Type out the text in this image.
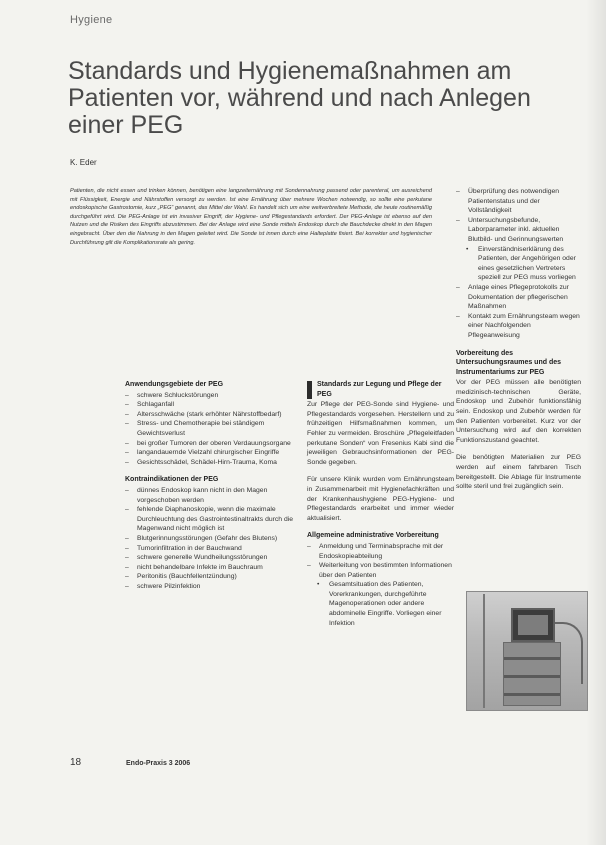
Hygiene
Standards und Hygienemaßnahmen am Patienten vor, während und nach Anlegen einer PEG
K. Eder

Patienten, die nicht essen und trinken können, benötigen eine langzeiternährung mit Sondennahrung passend oder parenteral, um ausreichend mit Flüssigkeit, Energie und Nährstoffen versorgt zu werden. Ist eine Ernährung über mehrere Wochen notwendig, so sollte eine perkutane endoskopische Gastrostomie, kurz „PEG“ genannt, das Mittel der Wahl. Es handelt sich um eine weitverbreitete Methode, die heute routinemäßig durchgeführt wird. Die PEG-Anlage ist ein invasiver Eingriff, der Hygiene- und Pflegestandards erfordert. Der PEG-Anlage ist ebenso auf den Nutzen und die Risiken des Eingriffs abzustimmen. Bei der Anlage wird eine Sonde mittels Endoskop durch die Bauchdecke direkt in den Magen eingebracht. Über den die Nahrung in den Magen geleitet wird. Die Sonde ist innen durch eine Halteplatte fixiert. Bei korrekter und hygienischer Durchführung gilt die Komplikationsrate als gering.

Anwendungsgebiete der PEG
– schwere Schluckstörungen
– Schlaganfall
– Altersschwäche (stark erhöhter Nährstoffbedarf)
– Stress- und Chemotherapie bei ständigem Gewichtsverlust
– bei großer Tumoren der oberen Verdauungsorgane
– langandauernde Vielzahl chirurgischer Eingriffe
– Gesichtsschädel, Schädel-Hirn-Trauma, Koma
Kontraindikationen der PEG
– dünnes Endoskop kann nicht in den Magen vorgeschoben werden
– fehlende Diaphanoskopie, wenn die maximale Durchleuchtung des Gastrointestinaltrakts durch die Magenwand nicht möglich ist
– Blutgerinnungsstörungen (Gefahr des Blutens)
– Tumorinfiltration in der Bauchwand
– schwere generelle Wundheilungsstörungen
– nicht behandelbare Infekte im Bauchraum
– Peritonitis (Bauchfellentzündung)
– schwere Pilzinfektion
Standards zur Legung und Pflege der PEG

Zur Pflege der PEG-Sonde sind Hygiene- und Pflegestandards vorgesehen. Herstellern und zu frühzeitigen Hilfsmaßnahmen kommen, um Fehler zu vermeiden. Broschüre „Pflegeleitfaden perkutane Sonden“ von Fresenius Kabi sind die jeweiligen Gebrauchsinformationen der PEG-Sonde gegeben.

Für unsere Klinik wurden vom Ernährungsteam in Zusammenarbeit mit Hygienefachkräften und der Krankenhaushygiene PEG-Hygiene- und Pflegestandards erarbeitet und immer wieder aktualisiert.

Allgemeine administrative Vorbereitung
– Anmeldung und Terminabsprache mit der Endoskopieabteilung
– Weiterleitung von bestimmten Informationen über den Patienten
• Gesamtsituation des Patienten, Vorerkrankungen, durchgeführte Magenoperationen oder andere abdominelle Eingriffe. Vorliegen einer Infektion
– Überprüfung des notwendigen Patientenstatus und der Vollständigkeit
– Untersuchungsbefunde, Laborparameter inkl. aktuellen Blutbild- und Gerinnungswerten
• Einverständniserklärung des Patienten, der Angehörigen oder eines gesetzlichen Vertreters speziell zur PEG muss vorliegen
– Anlage eines Pflegeprotokolls zur Dokumentation der pflegerischen Maßnahmen
– Kontakt zum Ernährungsteam wegen einer Nachfolgenden Pflegeanweisung
Vorbereitung des Untersuchungsraumes und des Instrumentariums zur PEG

Vor der PEG müssen alle benötigten medizinisch-technischen Geräte, Endoskop und Zubehör funktionsfähig sein. Endoskop und Zubehör werden für den Patienten vorbereitet. Kurz vor der Untersuchung wird auf den korrekten Funktionszustand geachtet.

Die benötigten Materialien zur PEG werden auf einem fahrbaren Tisch bereitgestellt. Die Ablage für Instrumente sollte steril und frei zugänglich sein.

18	Endo-Praxis 3 2006
